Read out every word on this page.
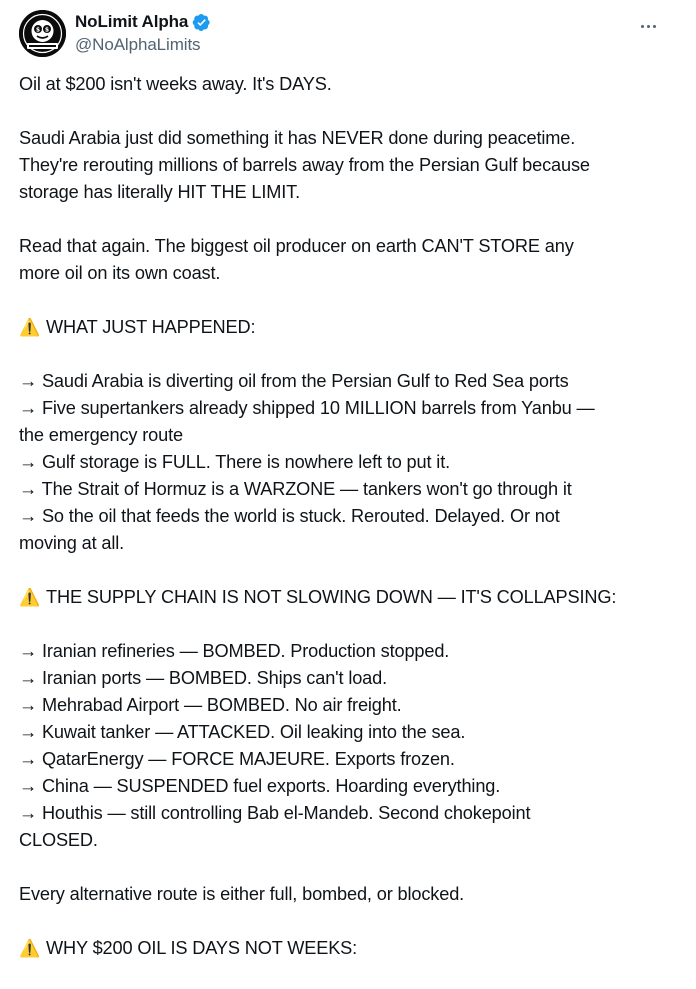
$ $ NoLimit Alpha
@NoAlphaLimits
Oil at $200 isn't weeks away. It's DAYS.
Saudi Arabia just did something it has NEVER done during peacetime.
They're rerouting millions of barrels away from the Persian Gulf because
storage has literally HIT THE LIMIT.
Read that again. The biggest oil producer on earth CAN'T STORE any
more oil on its own coast.
⚠️ WHAT JUST HAPPENED:
→ Saudi Arabia is diverting oil from the Persian Gulf to Red Sea ports
→ Five supertankers already shipped 10 MILLION barrels from Yanbu —
the emergency route
→ Gulf storage is FULL. There is nowhere left to put it.
→ The Strait of Hormuz is a WARZONE — tankers won't go through it
→ So the oil that feeds the world is stuck. Rerouted. Delayed. Or not
moving at all.
⚠️ THE SUPPLY CHAIN IS NOT SLOWING DOWN — IT'S COLLAPSING:
→ Iranian refineries — BOMBED. Production stopped.
→ Iranian ports — BOMBED. Ships can't load.
→ Mehrabad Airport — BOMBED. No air freight.
→ Kuwait tanker — ATTACKED. Oil leaking into the sea.
→ QatarEnergy — FORCE MAJEURE. Exports frozen.
→ China — SUSPENDED fuel exports. Hoarding everything.
→ Houthis — still controlling Bab el-Mandeb. Second chokepoint
CLOSED.
Every alternative route is either full, bombed, or blocked.
⚠️ WHY $200 OIL IS DAYS NOT WEEKS:
